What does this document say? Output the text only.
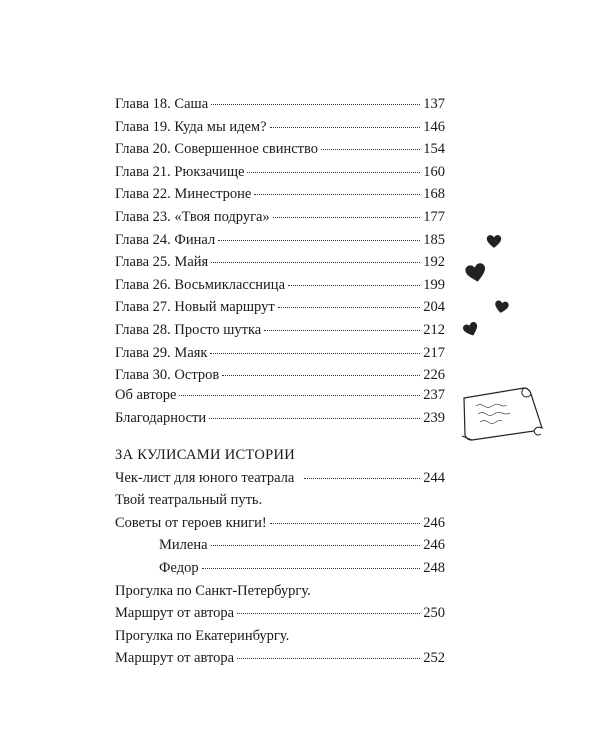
Глава 18. Саша	137
Глава 19. Куда мы идем?	146
Глава 20. Совершенное свинство	154
Глава 21. Рюкзачище	160
Глава 22. Минестроне	168
Глава 23. «Твоя подруга»	177
Глава 24. Финал	185
Глава 25. Майя	192
Глава 26. Восьмиклассница	199
Глава 27. Новый маршрут	204
Глава 28. Просто шутка	212
Глава 29. Маяк	217
Глава 30. Остров	226
Об авторе	237
Благодарности	239
ЗА КУЛИСАМИ ИСТОРИИ
Чек-лист для юного театрала	244
Твой театральный путь.
Советы от героев книги!	246
Милена	246
Федор	248
Прогулка по Санкт-Петербургу.
Маршрут от автора	250
Прогулка по Екатеринбургу.
Маршрут от автора	252
